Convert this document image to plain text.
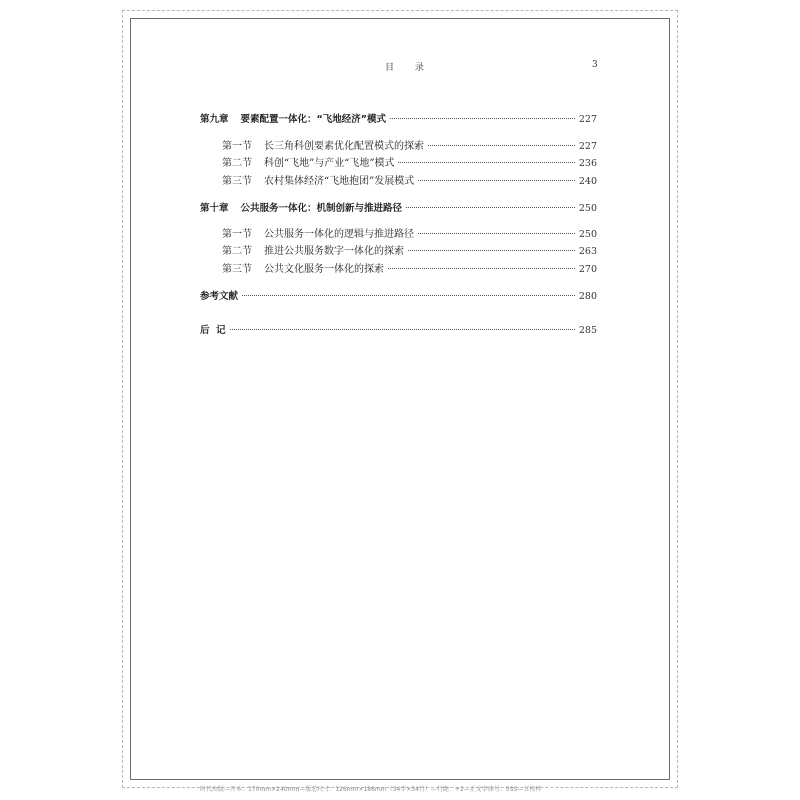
目 录	3
第九章 要素配置一体化：“飞地经济”模式	227
第一节 长三角科创要素优化配置模式的探索	227
第二节 科创“飞地”与产业“飞地”模式	236
第三节 农村集体经济“飞地抱团”发展模式	240
第十章 公共服务一体化：机制创新与推进路径	250
第一节 公共服务一体化的逻辑与推进路径	250
第二节 推进公共服务数字一体化的探索	263
第三节 公共文化服务一体化的探索	270
参考文献	280
后  记	285
时代出版—开本：170mm×240mm—版芯尺寸：126mm×186mm（34字×34行）—行距：+2—正文字体号：5SS—五校样
